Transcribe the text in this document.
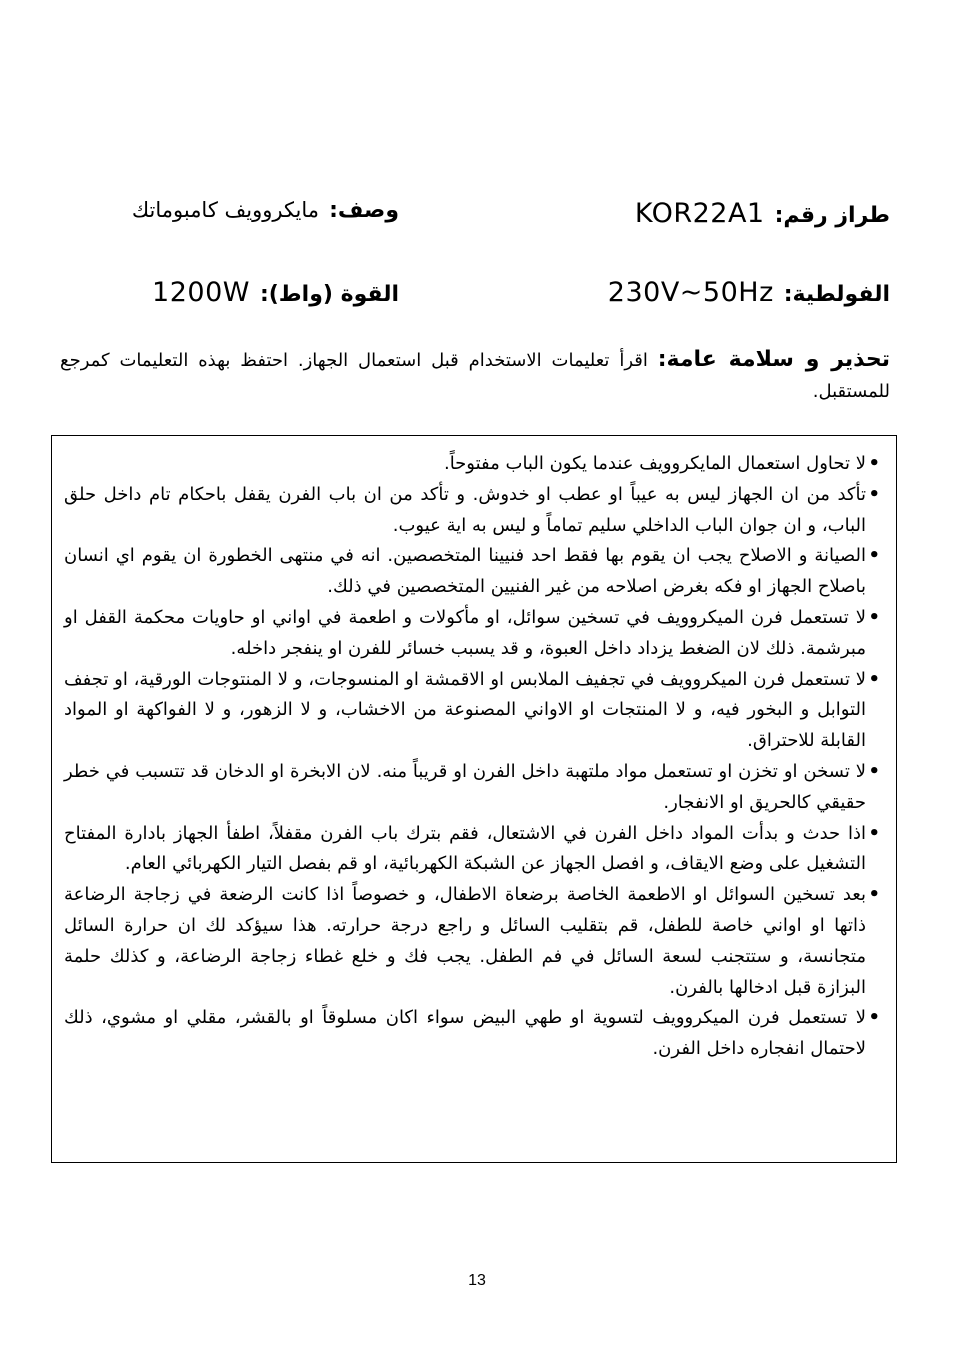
طراز رقم:
KOR22A1
وصف:
مايكروويف كامبوماتك
الفولطية:
230V~50Hz
القوة (واط):
1200W
تحذير و سلامة عامة: اقرأ تعليمات الاستخدام قبل استعمال الجهاز. احتفظ بهذه التعليمات كمرجع للمستقبل.
• لا تحاول استعمال المايكروويف عندما يكون الباب مفتوحاً.
• تأكد من ان الجهاز ليس به عيباً او عطب او خدوش. و تأكد من ان باب الفرن يقفل باحكام تام داخل حلق الباب، و ان جوان الباب الداخلي سليم تماماً و ليس به اية عيوب.
• الصيانة و الاصلاح يجب ان يقوم بها فقط احد فنيينا المتخصصين. انه في منتهى الخطورة ان يقوم اي انسان باصلاح الجهاز او فكه بغرض اصلاحه من غير الفنيين المتخصصين في ذلك.
• لا تستعمل فرن الميكروويف في تسخين سوائل، او مأكولات و اطعمة في اواني او حاويات محكمة القفل او مبرشمة. ذلك لان الضغط يزداد داخل العبوة، و قد يسبب خسائر للفرن او ينفجر داخله.
• لا تستعمل فرن الميكروويف في تجفيف الملابس او الاقمشة او المنسوجات، و لا المنتوجات الورقية، او تجفف التوابل و البخور فيه، و لا المنتجات او الاواني المصنوعة من الاخشاب، و لا الزهور، و لا الفواكهة او المواد القابلة للاحتراق.
• لا تسخن او تخزن او تستعمل مواد ملتهبة داخل الفرن او قريباً منه. لان الابخرة او الدخان قد تتسبب في خطر حقيقي كالحريق او الانفجار.
• اذا حدث و بدأت المواد داخل الفرن في الاشتعال، فقم بترك باب الفرن مقفلاً، اطفأ الجهاز بادارة المفتاح التشغيل على وضع الايقاف، و افصل الجهاز عن الشبكة الكهربائية، او قم بفصل التيار الكهربائي العام.
• بعد تسخين السوائل او الاطعمة الخاصة برضعاة الاطفال، و خصوصاً اذا كانت الرضعة في زجاجة الرضاعة ذاتها او اواني خاصة للطفل، قم بتقليب السائل و راجع درجة حرارته. هذا سيؤكد لك ان حرارة السائل متجانسة، و ستتجنب لسعة السائل في فم الطفل. يجب فك و خلع غطاء زجاجة الرضاعة، و كذلك حلمة البزازة قبل ادخالها بالفرن.
• لا تستعمل فرن الميكروويف لتسوية او طهي البيض سواء اكان مسلوقاً او بالقشر، مقلي او مشوي، ذلك لاحتمال انفجاره داخل الفرن.
13
